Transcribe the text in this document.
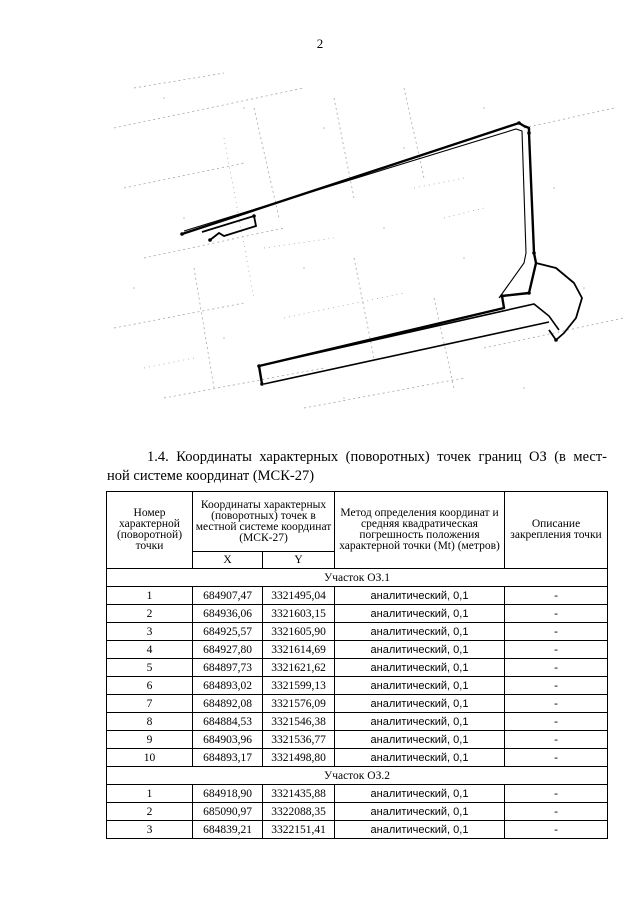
2
1.4. Координаты характерных (поворотных) точек границ ОЗ (в мест-
ной системе координат (МСК-27)
Номер характерной (поворотной) точки	Координаты характерных (поворотных) точек в местной системе координат (МСК-27)		Метод определения координат и средняя квадратическая погрешность положения характерной точки (Mt) (метров)	Описание закрепления точки
	X	Y		
Участок ОЗ.1				
1	684907,47	3321495,04	аналитический, 0,1	-
2	684936,06	3321603,15	аналитический, 0,1	-
3	684925,57	3321605,90	аналитический, 0,1	-
4	684927,80	3321614,69	аналитический, 0,1	-
5	684897,73	3321621,62	аналитический, 0,1	-
6	684893,02	3321599,13	аналитический, 0,1	-
7	684892,08	3321576,09	аналитический, 0,1	-
8	684884,53	3321546,38	аналитический, 0,1	-
9	684903,96	3321536,77	аналитический, 0,1	-
10	684893,17	3321498,80	аналитический, 0,1	-
Участок ОЗ.2				
1	684918,90	3321435,88	аналитический, 0,1	-
2	685090,97	3322088,35	аналитический, 0,1	-
3	684839,21	3322151,41	аналитический, 0,1	-
